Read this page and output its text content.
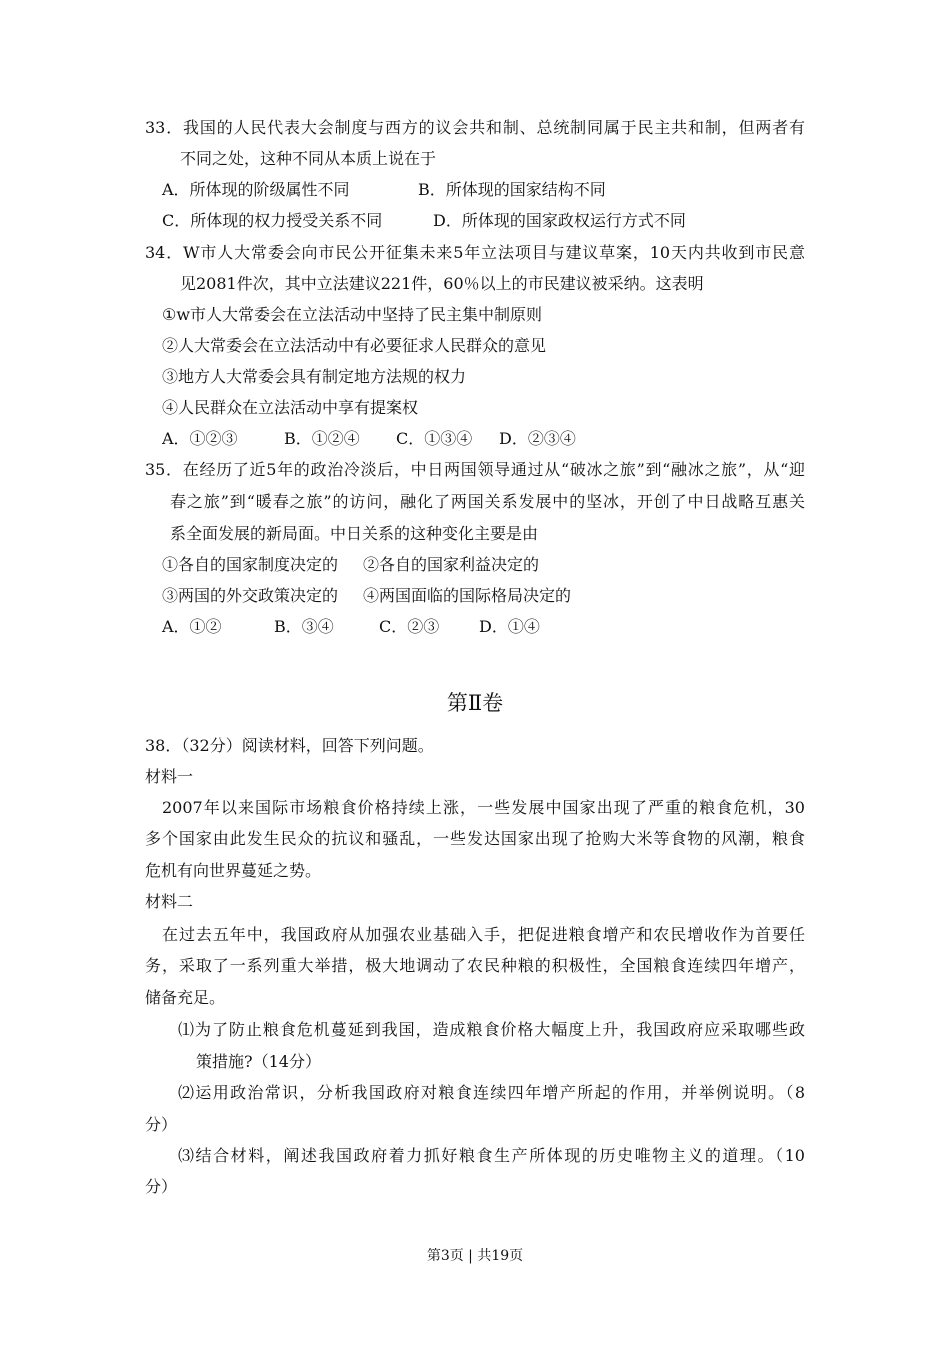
33．我国的人民代表大会制度与西方的议会共和制、总统制同属于民主共和制，但两者有
不同之处，这种不同从本质上说在于
A．所体现的阶级属性不同	B．所体现的国家结构不同
C．所体现的权力授受关系不同	D．所体现的国家政权运行方式不同
34．W市人大常委会向市民公开征集未来5年立法项目与建议草案，10天内共收到市民意
见2081件次，其中立法建议221件，60％以上的市民建议被采纳。这表明
①w市人大常委会在立法活动中坚持了民主集中制原则
②人大常委会在立法活动中有必要征求人民群众的意见
③地方人大常委会具有制定地方法规的权力
④人民群众在立法活动中享有提案权
A．①②③	B．①②④ C．①③④ D．②③④
35．在经历了近5年的政治冷淡后，中日两国领导通过从“破冰之旅”到“融冰之旅”，从“迎
春之旅”到“暖春之旅”的访问，融化了两国关系发展中的坚冰，开创了中日战略互惠关
系全面发展的新局面。中日关系的这种变化主要是由
①各自的国家制度决定的 ②各自的国家利益决定的
③两国的外交政策决定的 ④两国面临的国际格局决定的
A．①②	B．③④	C．②③ D．①④
第Ⅱ卷
38．（32分）阅读材料，回答下列问题。
材料一
2007年以来国际市场粮食价格持续上涨，一些发展中国家出现了严重的粮食危机，30
多个国家由此发生民众的抗议和骚乱，一些发达国家出现了抢购大米等食物的风潮，粮食
危机有向世界蔓延之势。
材料二
在过去五年中，我国政府从加强农业基础入手，把促进粮食增产和农民增收作为首要任
务，采取了一系列重大举措，极大地调动了农民种粮的积极性，全国粮食连续四年增产，
储备充足。
⑴为了防止粮食危机蔓延到我国，造成粮食价格大幅度上升，我国政府应采取哪些政
策措施?（14分）
⑵运用政治常识，分析我国政府对粮食连续四年增产所起的作用，并举例说明。（8
分）
⑶结合材料，阐述我国政府着力抓好粮食生产所体现的历史唯物主义的道理。（10
分）
第3页 | 共19页
